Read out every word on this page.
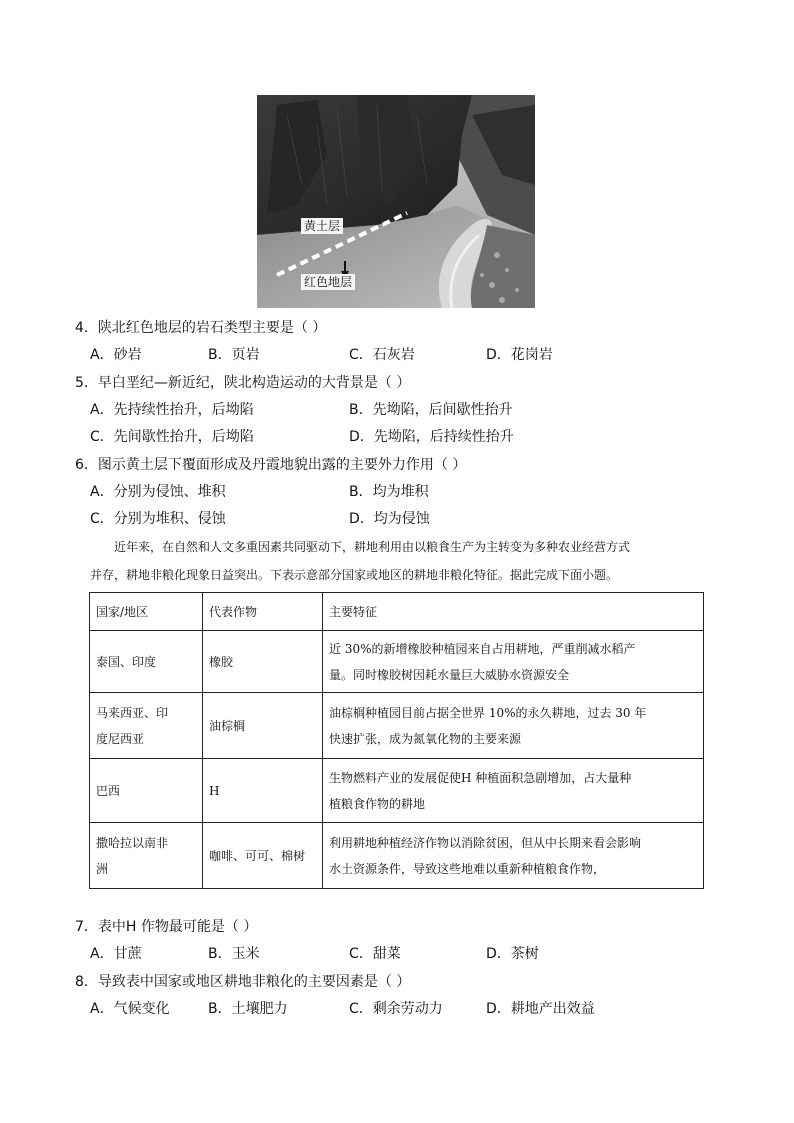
黄土层
红色地层
4．陕北红色地层的岩石类型主要是（ ）
A．砂岩	B．页岩	C．石灰岩	D．花岗岩
5．早白垩纪—新近纪，陕北构造运动的大背景是（ ）
A．先持续性抬升，后坳陷	B．先坳陷，后间歇性抬升
C．先间歇性抬升，后坳陷	D．先坳陷，后持续性抬升
6．图示黄土层下覆面形成及丹霞地貌出露的主要外力作用（ ）
A．分别为侵蚀、堆积	B．均为堆积
C．分别为堆积、侵蚀	D．均为侵蚀
近年来，在自然和人文多重因素共同驱动下，耕地利用由以粮食生产为主转变为多种农业经营方式
并存，耕地非粮化现象日益突出。下表示意部分国家或地区的耕地非粮化特征。据此完成下面小题。
国家/地区	代表作物	主要特征

泰国、印度	橡胶	近 30%的新增橡胶种植园来自占用耕地，严重削减水稻产
量。同时橡胶树因耗水量巨大威胁水资源安全

马来西亚、印
度尼西亚	油棕榈	油棕榈种植园目前占据全世界 10%的永久耕地，过去 30 年
快速扩张，成为氮氧化物的主要来源

巴西	H	生物燃料产业的发展促使H 种植面积急剧增加，占大量种
植粮食作物的耕地

撒哈拉以南非
洲	咖啡、可可、棉树	利用耕地种植经济作物以消除贫困，但从中长期来看会影响
水土资源条件，导致这些地难以重新种植粮食作物，
7．表中H 作物最可能是（ ）
A．甘蔗	B．玉米	C．甜菜	D．茶树
8．导致表中国家或地区耕地非粮化的主要因素是（ ）
A．气候变化	B．土壤肥力	C．剩余劳动力	D．耕地产出效益
